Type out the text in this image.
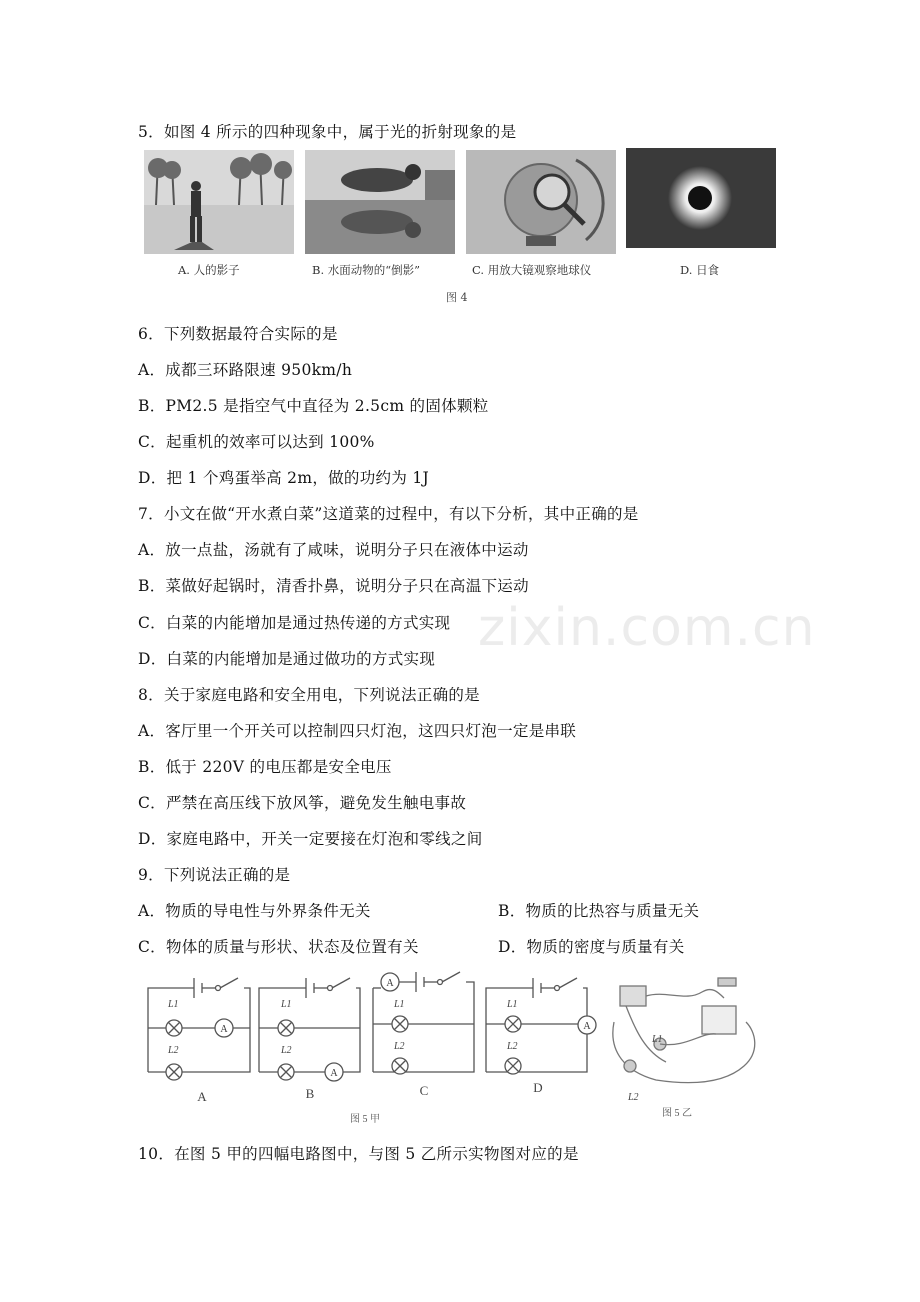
zixin.com.cn
5．如图 4 所示的四种现象中，属于光的折射现象的是
A. 人的影子	B. 水面动物的“倒影”	C. 用放大镜观察地球仪	D. 日食
图 4
6．下列数据最符合实际的是
A．成都三环路限速 950km/h
B．PM2.5 是指空气中直径为 2.5cm 的固体颗粒
C．起重机的效率可以达到 100%
D．把 1 个鸡蛋举高 2m，做的功约为 1J
7．小文在做“开水煮白菜”这道菜的过程中，有以下分析，其中正确的是
A．放一点盐，汤就有了咸味，说明分子只在液体中运动
B．菜做好起锅时，清香扑鼻，说明分子只在高温下运动
C．白菜的内能增加是通过热传递的方式实现
D．白菜的内能增加是通过做功的方式实现
8．关于家庭电路和安全用电，下列说法正确的是
A．客厅里一个开关可以控制四只灯泡，这四只灯泡一定是串联
B．低于 220V 的电压都是安全电压
C．严禁在高压线下放风筝，避免发生触电事故
D．家庭电路中，开关一定要接在灯泡和零线之间
9．下列说法正确的是
A．物质的导电性与外界条件无关	B．物质的比热容与质量无关
C．物体的质量与形状、状态及位置有关	D．物质的密度与质量有关
L1
L2
L1
L2
L1
L2
L1
L2
L1
L2
A
A
A
A
A	B	C	D
图 5 甲
图 5 乙
10．在图 5 甲的四幅电路图中，与图 5 乙所示实物图对应的是
